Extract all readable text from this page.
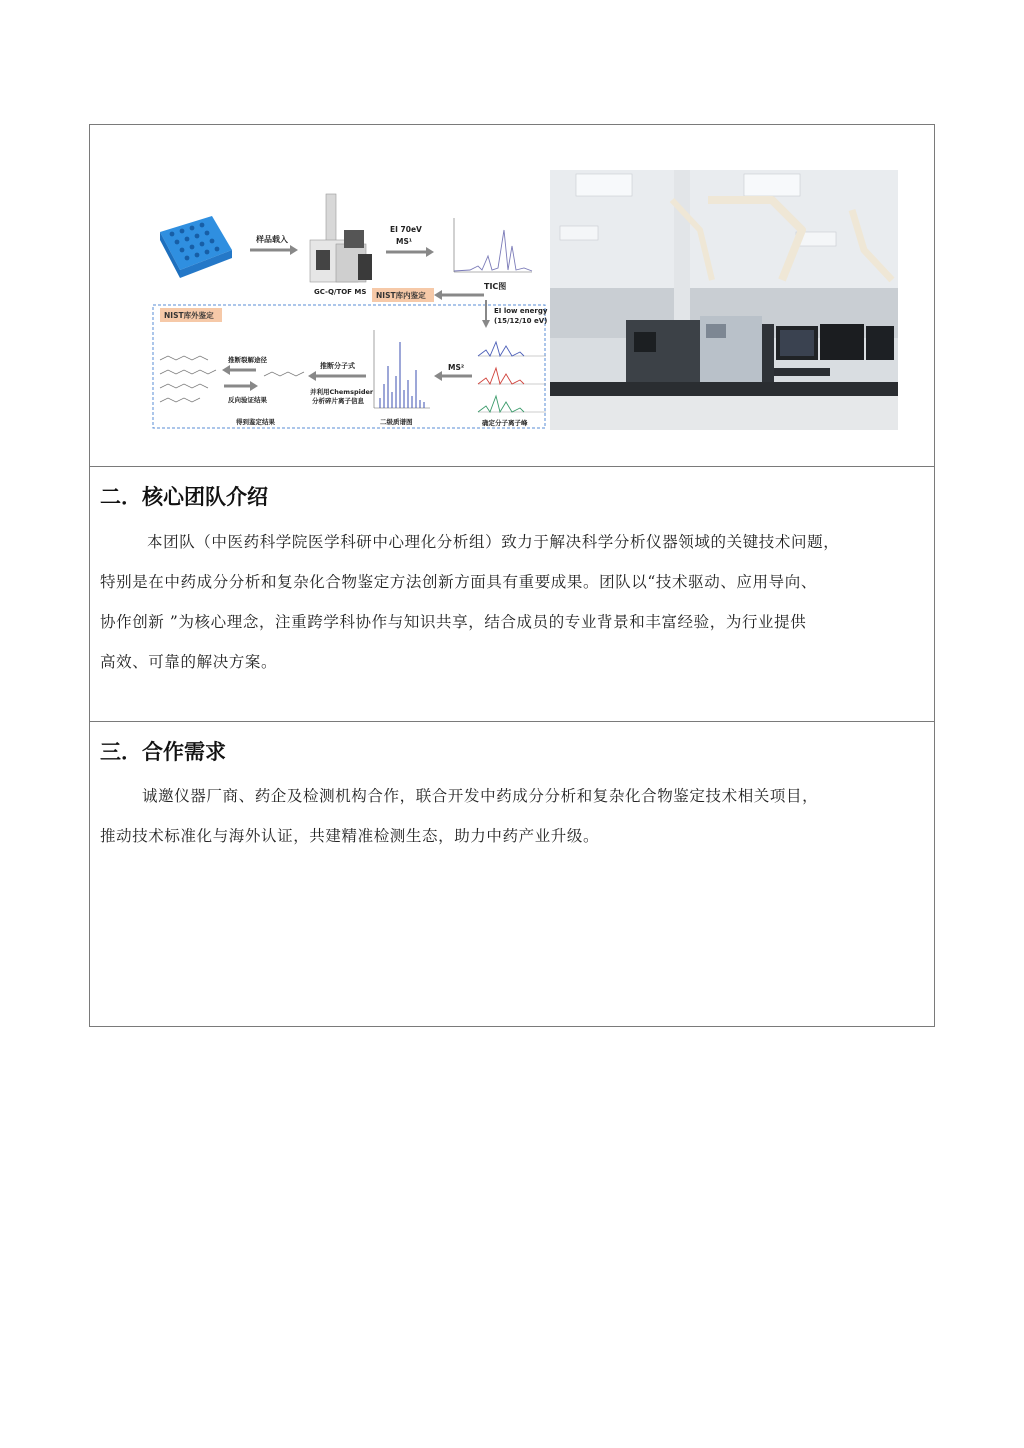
样品载入
GC-Q/TOF MS
EI 70eV
MS¹
TIC图
NIST库内鉴定
NIST库外鉴定	EI low energy
(15/12/10 eV)
确定分子离子峰
MS²
二级质谱图
推断分子式
并利用Chemspider
分析碎片离子信息
推断裂解途径
反向验证结果
得到鉴定结果
二．核心团队介绍

本团队（中医药科学院医学科研中心理化分析组）致力于解决科学分析仪器领域的关键技术问题，

特别是在中药成分分析和复杂化合物鉴定方法创新方面具有重要成果。团队以“技术驱动、应用导向、

协作创新 ”为核心理念，注重跨学科协作与知识共享，结合成员的专业背景和丰富经验，为行业提供

高效、可靠的解决方案。

三．合作需求

诚邀仪器厂商、药企及检测机构合作，联合开发中药成分分析和复杂化合物鉴定技术相关项目，

推动技术标准化与海外认证，共建精准检测生态，助力中药产业升级。
